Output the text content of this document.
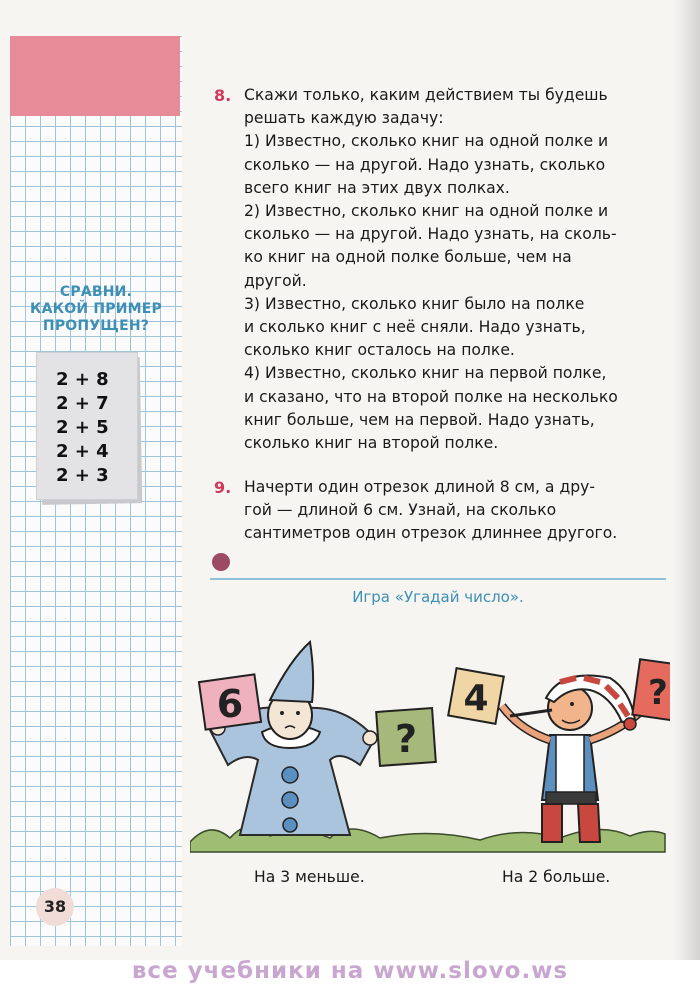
СРАВНИ.
КАКОЙ ПРИМЕР
ПРОПУЩЕН?
2 + 8
2 + 7
2 + 5
2 + 4
2 + 3
38
8. Скажи только, каким действием ты будешь

решать каждую задачу:

1) Известно, сколько книг на одной полке и

сколько — на другой. Надо узнать, сколько

всего книг на этих двух полках.

2) Известно, сколько книг на одной полке и

сколько — на другой. Надо узнать, на сколь-

ко книг на одной полке больше, чем на

другой.

3) Известно, сколько книг было на полке

и сколько книг с неё сняли. Надо узнать,

сколько книг осталось на полке.

4) Известно, сколько книг на первой полке,

и сказано, что на второй полке на несколько

книг больше, чем на первой. Надо узнать,

сколько книг на второй полке.

9. Начерти один отрезок длиной 8 см, а дру-

гой — длиной 6 см. Узнай, на сколько

сантиметров один отрезок длиннее другого.

Игра «Угадай число».
6
?
4	?
На 3 меньше.	На 2 больше.
все учебники на www.slovo.ws
